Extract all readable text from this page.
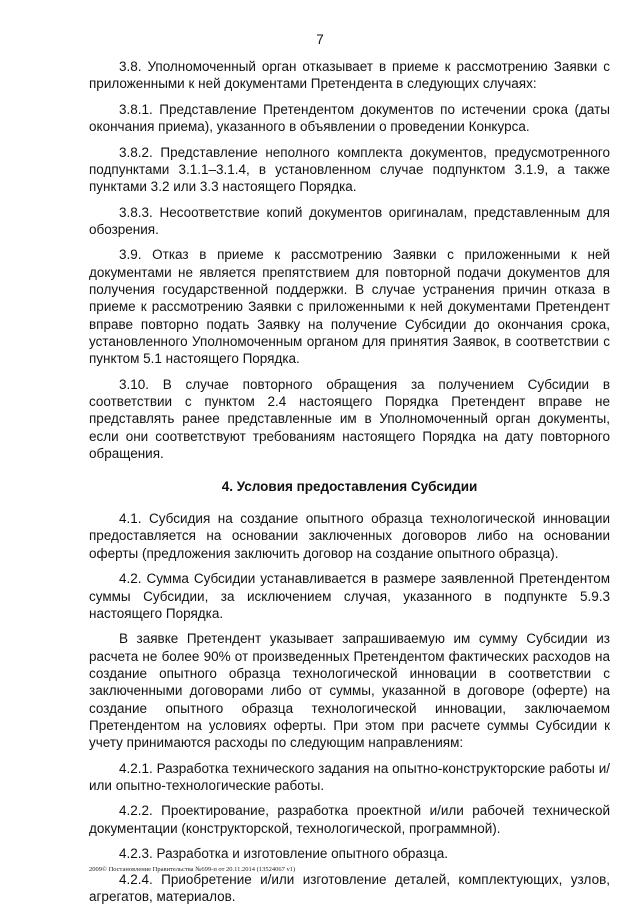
7

3.8. Уполномоченный орган отказывает в приеме к рассмотрению Заявки с приложенными к ней документами Претендента в следующих случаях:

3.8.1. Представление Претендентом документов по истечении срока (даты окончания приема), указанного в объявлении о проведении Конкурса.

3.8.2. Представление неполного комплекта документов, предусмотренного подпунктами 3.1.1–3.1.4, в установленном случае подпунктом 3.1.9, а также пунктами 3.2 или 3.3 настоящего Порядка.

3.8.3. Несоответствие копий документов оригиналам, представленным для обозрения.

3.9. Отказ в приеме к рассмотрению Заявки с приложенными к ней документами не является препятствием для повторной подачи документов для получения государственной поддержки. В случае устранения причин отказа в приеме к рассмотрению Заявки с приложенными к ней документами Претендент вправе повторно подать Заявку на получение Субсидии до окончания срока, установленного Уполномоченным органом для принятия Заявок, в соответствии с пунктом 5.1 настоящего Порядка.

3.10. В случае повторного обращения за получением Субсидии в соответствии с пунктом 2.4 настоящего Порядка Претендент вправе не представлять ранее представленные им в Уполномоченный орган документы, если они соответствуют требованиям настоящего Порядка на дату повторного обращения.

4. Условия предоставления Субсидии

4.1. Субсидия на создание опытного образца технологической инновации предоставляется на основании заключенных договоров либо на основании оферты (предложения заключить договор на создание опытного образца).

4.2. Сумма Субсидии устанавливается в размере заявленной Претендентом суммы Субсидии, за исключением случая, указанного в подпункте 5.9.3 настоящего Порядка.

В заявке Претендент указывает запрашиваемую им сумму Субсидии из расчета не более 90% от произведенных Претендентом фактических расходов на создание опытного образца технологической инновации в соответствии с заключенными договорами либо от суммы, указанной в договоре (оферте) на создание опытного образца технологической инновации, заключаемом Претендентом на условиях оферты. При этом при расчете суммы Субсидии к учету принимаются расходы по следующим направлениям:

4.2.1. Разработка технического задания на опытно-конструкторские работы и/или опытно-технологические работы.

4.2.2. Проектирование, разработка проектной и/или рабочей технической документации (конструкторской, технологической, программной).

4.2.3. Разработка и изготовление опытного образца.

4.2.4. Приобретение и/или изготовление деталей, комплектующих, узлов, агрегатов, материалов.

2009© Постановление Правительства №699-п от 20.11.2014 (13524067 v1)
